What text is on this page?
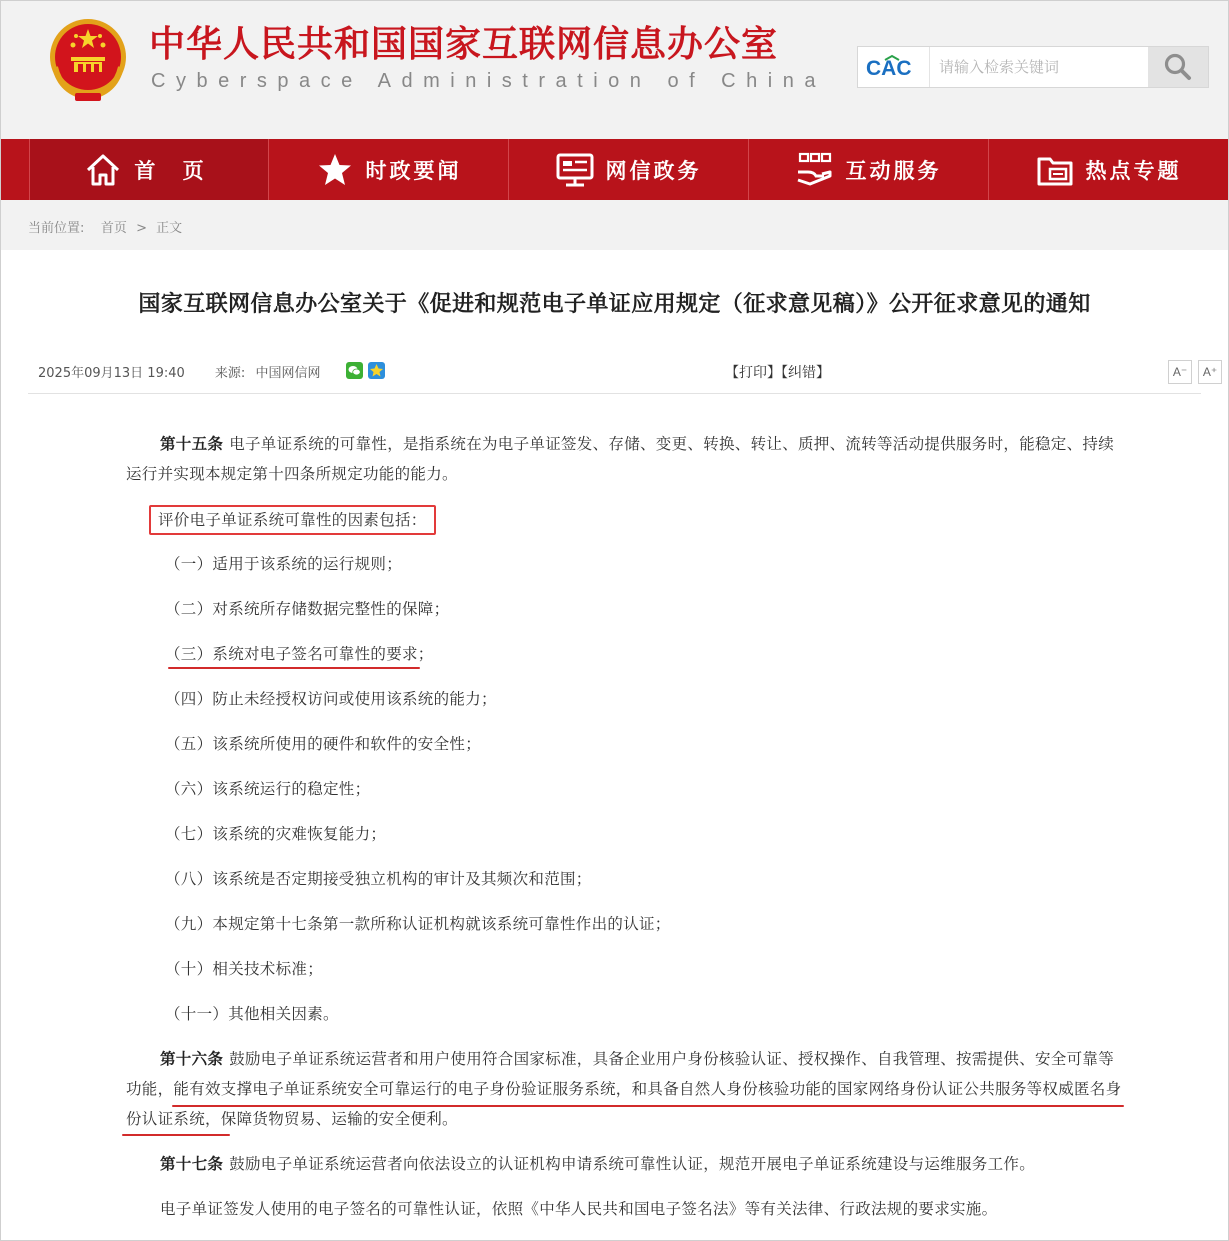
中华人民共和国国家互联网信息办公室
Cyberspace Administration of China
CAC
请输入检索关键词
首 页	时政要闻	网信政务	互动服务	热点专题
当前位置: 首页 > 正文
国家互联网信息办公室关于《促进和规范电子单证应用规定（征求意见稿）》公开征求意见的通知
2025年09月13日 19:40 来源: 中国网信网	【打印】【纠错】	A⁻	A⁺
第十五条 电子单证系统的可靠性，是指系统在为电子单证签发、存储、变更、转换、转让、质押、流转等活动提供服务时，能稳定、持续运行并实现本规定第十四条所规定功能的能力。
评价电子单证系统可靠性的因素包括：
（一）适用于该系统的运行规则；
（二）对系统所存储数据完整性的保障；
（三）系统对电子签名可靠性的要求；
（四）防止未经授权访问或使用该系统的能力；
（五）该系统所使用的硬件和软件的安全性；
（六）该系统运行的稳定性；
（七）该系统的灾难恢复能力；
（八）该系统是否定期接受独立机构的审计及其频次和范围；
（九）本规定第十七条第一款所称认证机构就该系统可靠性作出的认证；
（十）相关技术标准；
（十一）其他相关因素。
第十六条 鼓励电子单证系统运营者和用户使用符合国家标准，具备企业用户身份核验认证、授权操作、自我管理、按需提供、安全可靠等功能，能有效支撑电子单证系统安全可靠运行的电子身份验证服务系统，和具备自然人身份核验功能的国家网络身份认证公共服务等权威匿名身份认证系统，保障货物贸易、运输的安全便利。
第十七条 鼓励电子单证系统运营者向依法设立的认证机构申请系统可靠性认证，规范开展电子单证系统建设与运维服务工作。
电子单证签发人使用的电子签名的可靠性认证，依照《中华人民共和国电子签名法》等有关法律、行政法规的要求实施。
